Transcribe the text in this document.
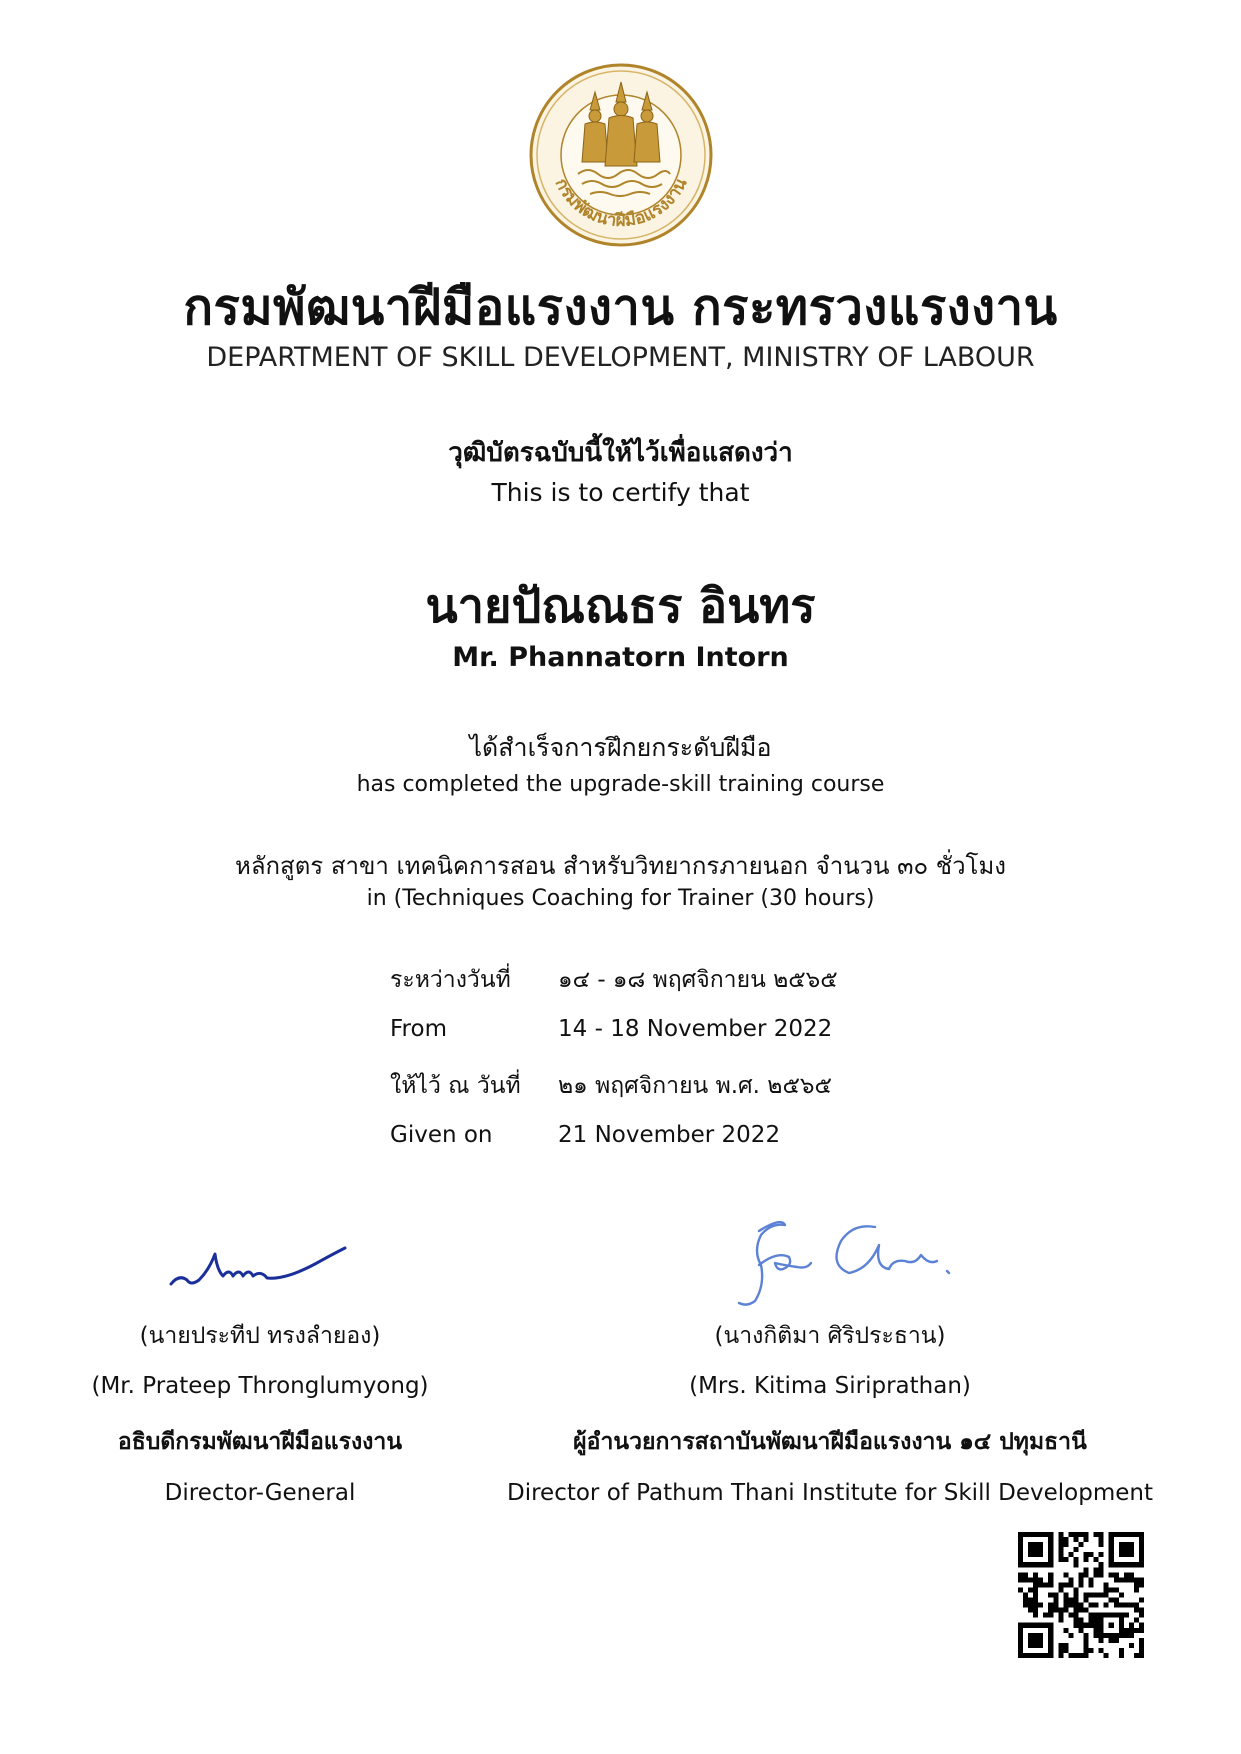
กรมพัฒนาฝีมือแรงงาน
กรมพัฒนาฝีมือแรงงาน กระทรวงแรงงาน
DEPARTMENT OF SKILL DEVELOPMENT, MINISTRY OF LABOUR
วุฒิบัตรฉบับนี้ให้ไว้เพื่อแสดงว่า
This is to certify that
นายปัณณธร อินทร
Mr. Phannatorn Intorn
ได้สำเร็จการฝึกยกระดับฝีมือ
has completed the upgrade-skill training course
หลักสูตร สาขา เทคนิคการสอน สำหรับวิทยากรภายนอก จำนวน ๓๐ ชั่วโมง
in (Techniques Coaching for Trainer (30 hours)
ระหว่างวันที่ ๑๔ - ๑๘ พฤศจิกายน ๒๕๖๕
From	14 - 18 November 2022
ให้ไว้ ณ วันที่ ๒๑ พฤศจิกายน พ.ศ. ๒๕๖๕
Given on	21 November 2022
(นายประทีป ทรงลำยอง)
(Mr. Prateep Thronglumyong)
อธิบดีกรมพัฒนาฝีมือแรงงาน
Director-General
(นางกิติมา ศิริประธาน)
(Mrs. Kitima Siriprathan)
ผู้อำนวยการสถาบันพัฒนาฝีมือแรงงาน ๑๔ ปทุมธานี
Director of Pathum Thani Institute for Skill Development
